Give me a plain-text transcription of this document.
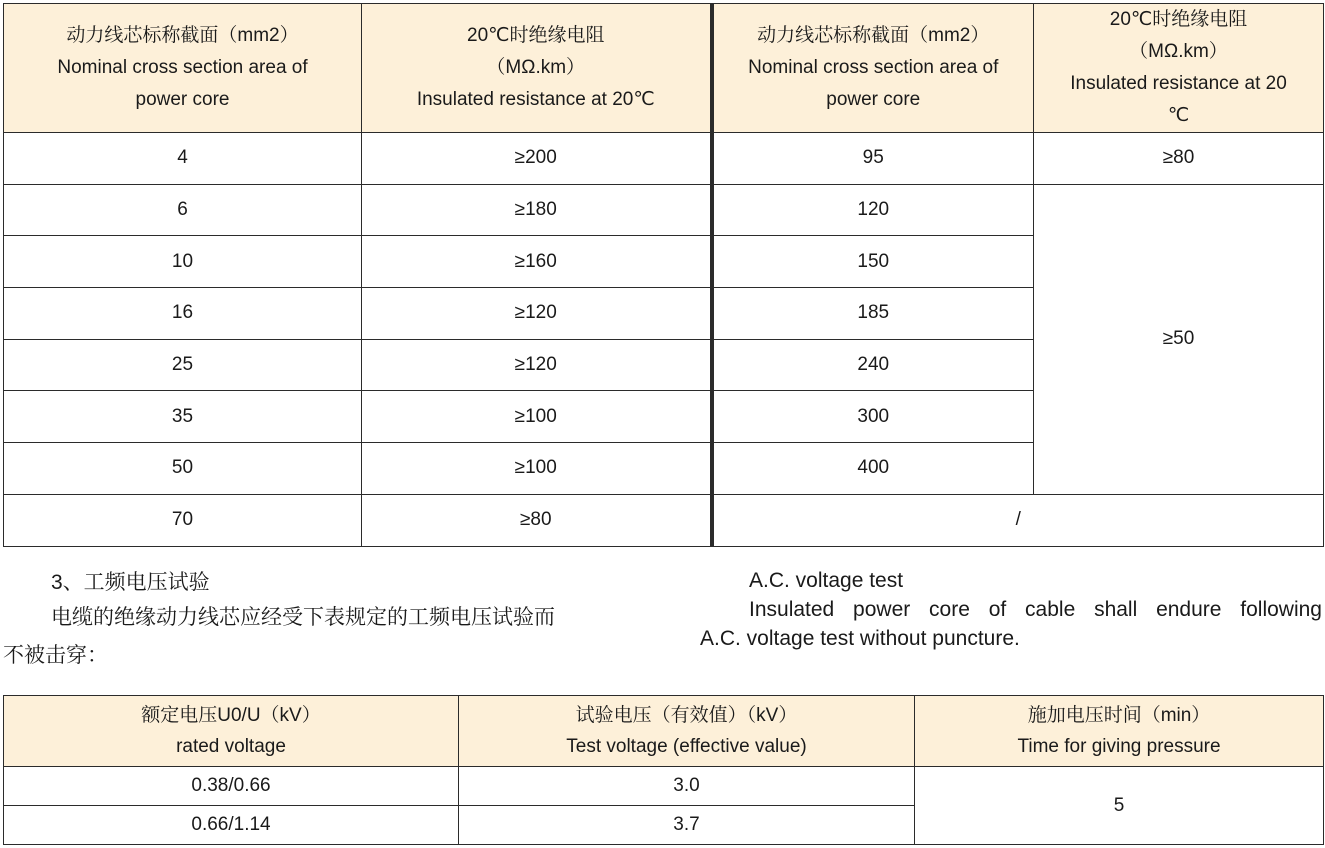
动力线芯标称截面（mm2）
Nominal cross section area of
power core	20℃时绝缘电阻
（MΩ.km）
Insulated resistance at 20℃	动力线芯标称截面（mm2）
Nominal cross section area of
power core	20℃时绝缘电阻
（MΩ.km）
Insulated resistance at 20
℃

4	≥200	95	≥80
6	≥180	120	≥50
10	≥160	150	
16	≥120	185	
25	≥120	240	
35	≥100	300	
50	≥100	400	
70	≥80	/	
3、工频电压试验
电缆的绝缘动力线芯应经受下表规定的工频电压试验而
不被击穿：
A.C. voltage test
Insulated power core of cable shall endure following
A.C. voltage test without puncture.
额定电压U0/U（kV）
rated voltage	试验电压（有效值）（kV）
Test voltage (effective value)	施加电压时间（min）
Time for giving pressure

0.38/0.66	3.0	5
0.66/1.14	3.7	
